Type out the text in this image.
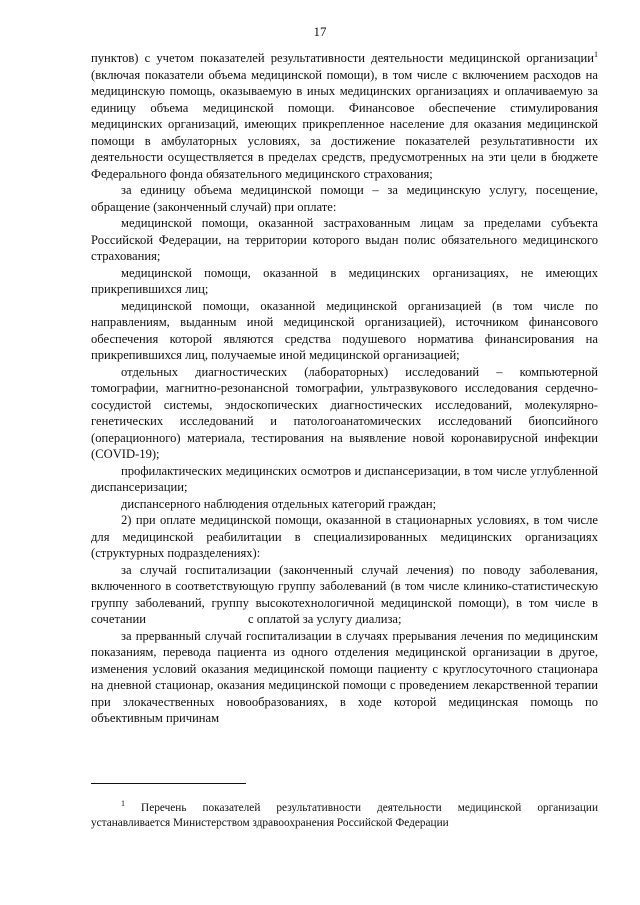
17

пунктов) с учетом показателей результативности деятельности медицинской организации$^1$ (включая показатели объема медицинской помощи), в том числе с включением расходов на медицинскую помощь, оказываемую в иных медицинских организациях и оплачиваемую за единицу объема медицинской помощи. Финансовое обеспечение стимулирования медицинских организаций, имеющих прикрепленное население для оказания медицинской помощи в амбулаторных условиях, за достижение показателей результативности их деятельности осуществляется в пределах средств, предусмотренных на эти цели в бюджете Федерального фонда обязательного медицинского страхования;

за единицу объема медицинской помощи – за медицинскую услугу, посещение, обращение (законченный случай) при оплате:

медицинской помощи, оказанной застрахованным лицам за пределами субъекта Российской Федерации, на территории которого выдан полис обязательного медицинского страхования;

медицинской помощи, оказанной в медицинских организациях, не имеющих прикрепившихся лиц;

медицинской помощи, оказанной медицинской организацией (в том числе по направлениям, выданным иной медицинской организацией), источником финансового обеспечения которой являются средства подушевого норматива финансирования на прикрепившихся лиц, получаемые иной медицинской организацией;

отдельных диагностических (лабораторных) исследований – компьютерной томографии, магнитно-резонансной томографии, ультразвукового исследования сердечно-сосудистой системы, эндоскопических диагностических исследований, молекулярно-генетических исследований и патологоанатомических исследований биопсийного (операционного) материала, тестирования на выявление новой коронавирусной инфекции (COVID-19);

профилактических медицинских осмотров и диспансеризации, в том числе углубленной диспансеризации;

диспансерного наблюдения отдельных категорий граждан;

2) при оплате медицинской помощи, оказанной в стационарных условиях, в том числе для медицинской реабилитации в специализированных медицинских организациях (структурных подразделениях):

за случай госпитализации (законченный случай лечения) по поводу заболевания, включенного в соответствующую группу заболеваний (в том числе клинико-статистическую группу заболеваний, группу высокотехнологичной медицинской помощи), в том числе в сочетании	с оплатой за услугу диализа;

за прерванный случай госпитализации в случаях прерывания лечения по медицинским показаниям, перевода пациента из одного отделения медицинской организации в другое, изменения условий оказания медицинской помощи пациенту с круглосуточного стационара на дневной стационар, оказания медицинской помощи с проведением лекарственной терапии при злокачественных новообразованиях, в ходе которой медицинская помощь по объективным причинам

$^1$ Перечень показателей результативности деятельности медицинской организации устанавливается Министерством здравоохранения Российской Федерации
